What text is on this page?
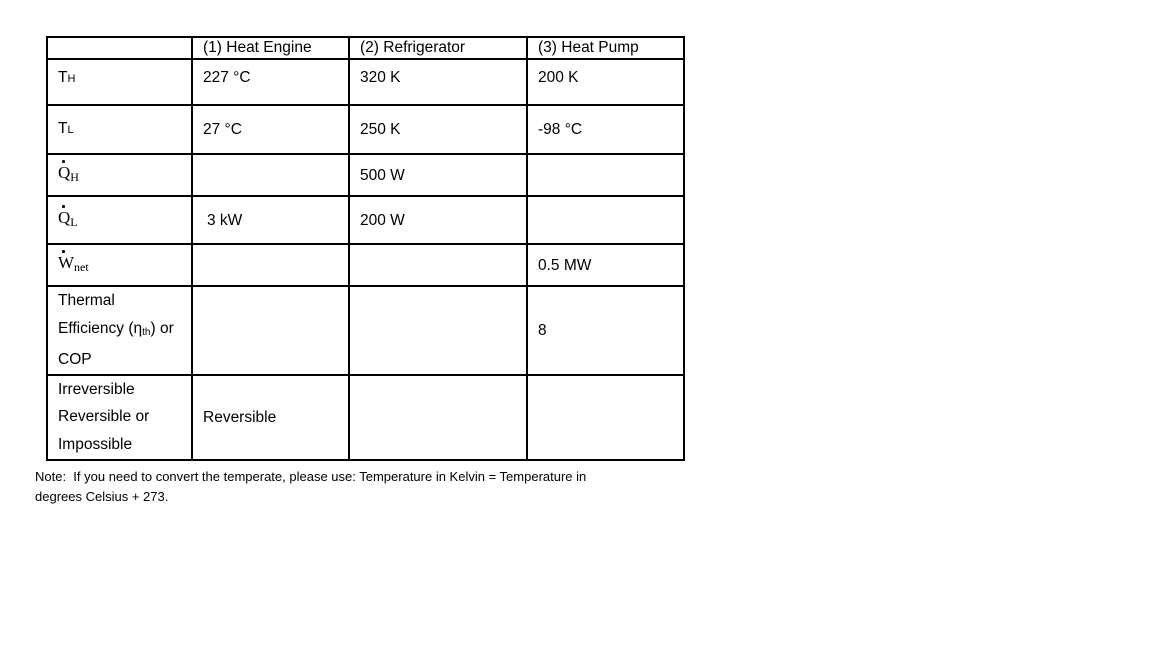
	(1) Heat Engine	(2) Refrigerator	(3) Heat Pump
TH	227 °C	320 K	200 K
TL	27 °C	250 K	-98 °C
$Q_H$		500 W	
$Q_L$	3 kW	200 W	
$W_{net}$			0.5 MW

Thermal
Efficiency (ηth) or
COP			8

Irreversible
Reversible or
Impossible	Reversible		
Note:  If you need to convert the temperate, please use: Temperature in Kelvin = Temperature in
degrees Celsius + 273.
